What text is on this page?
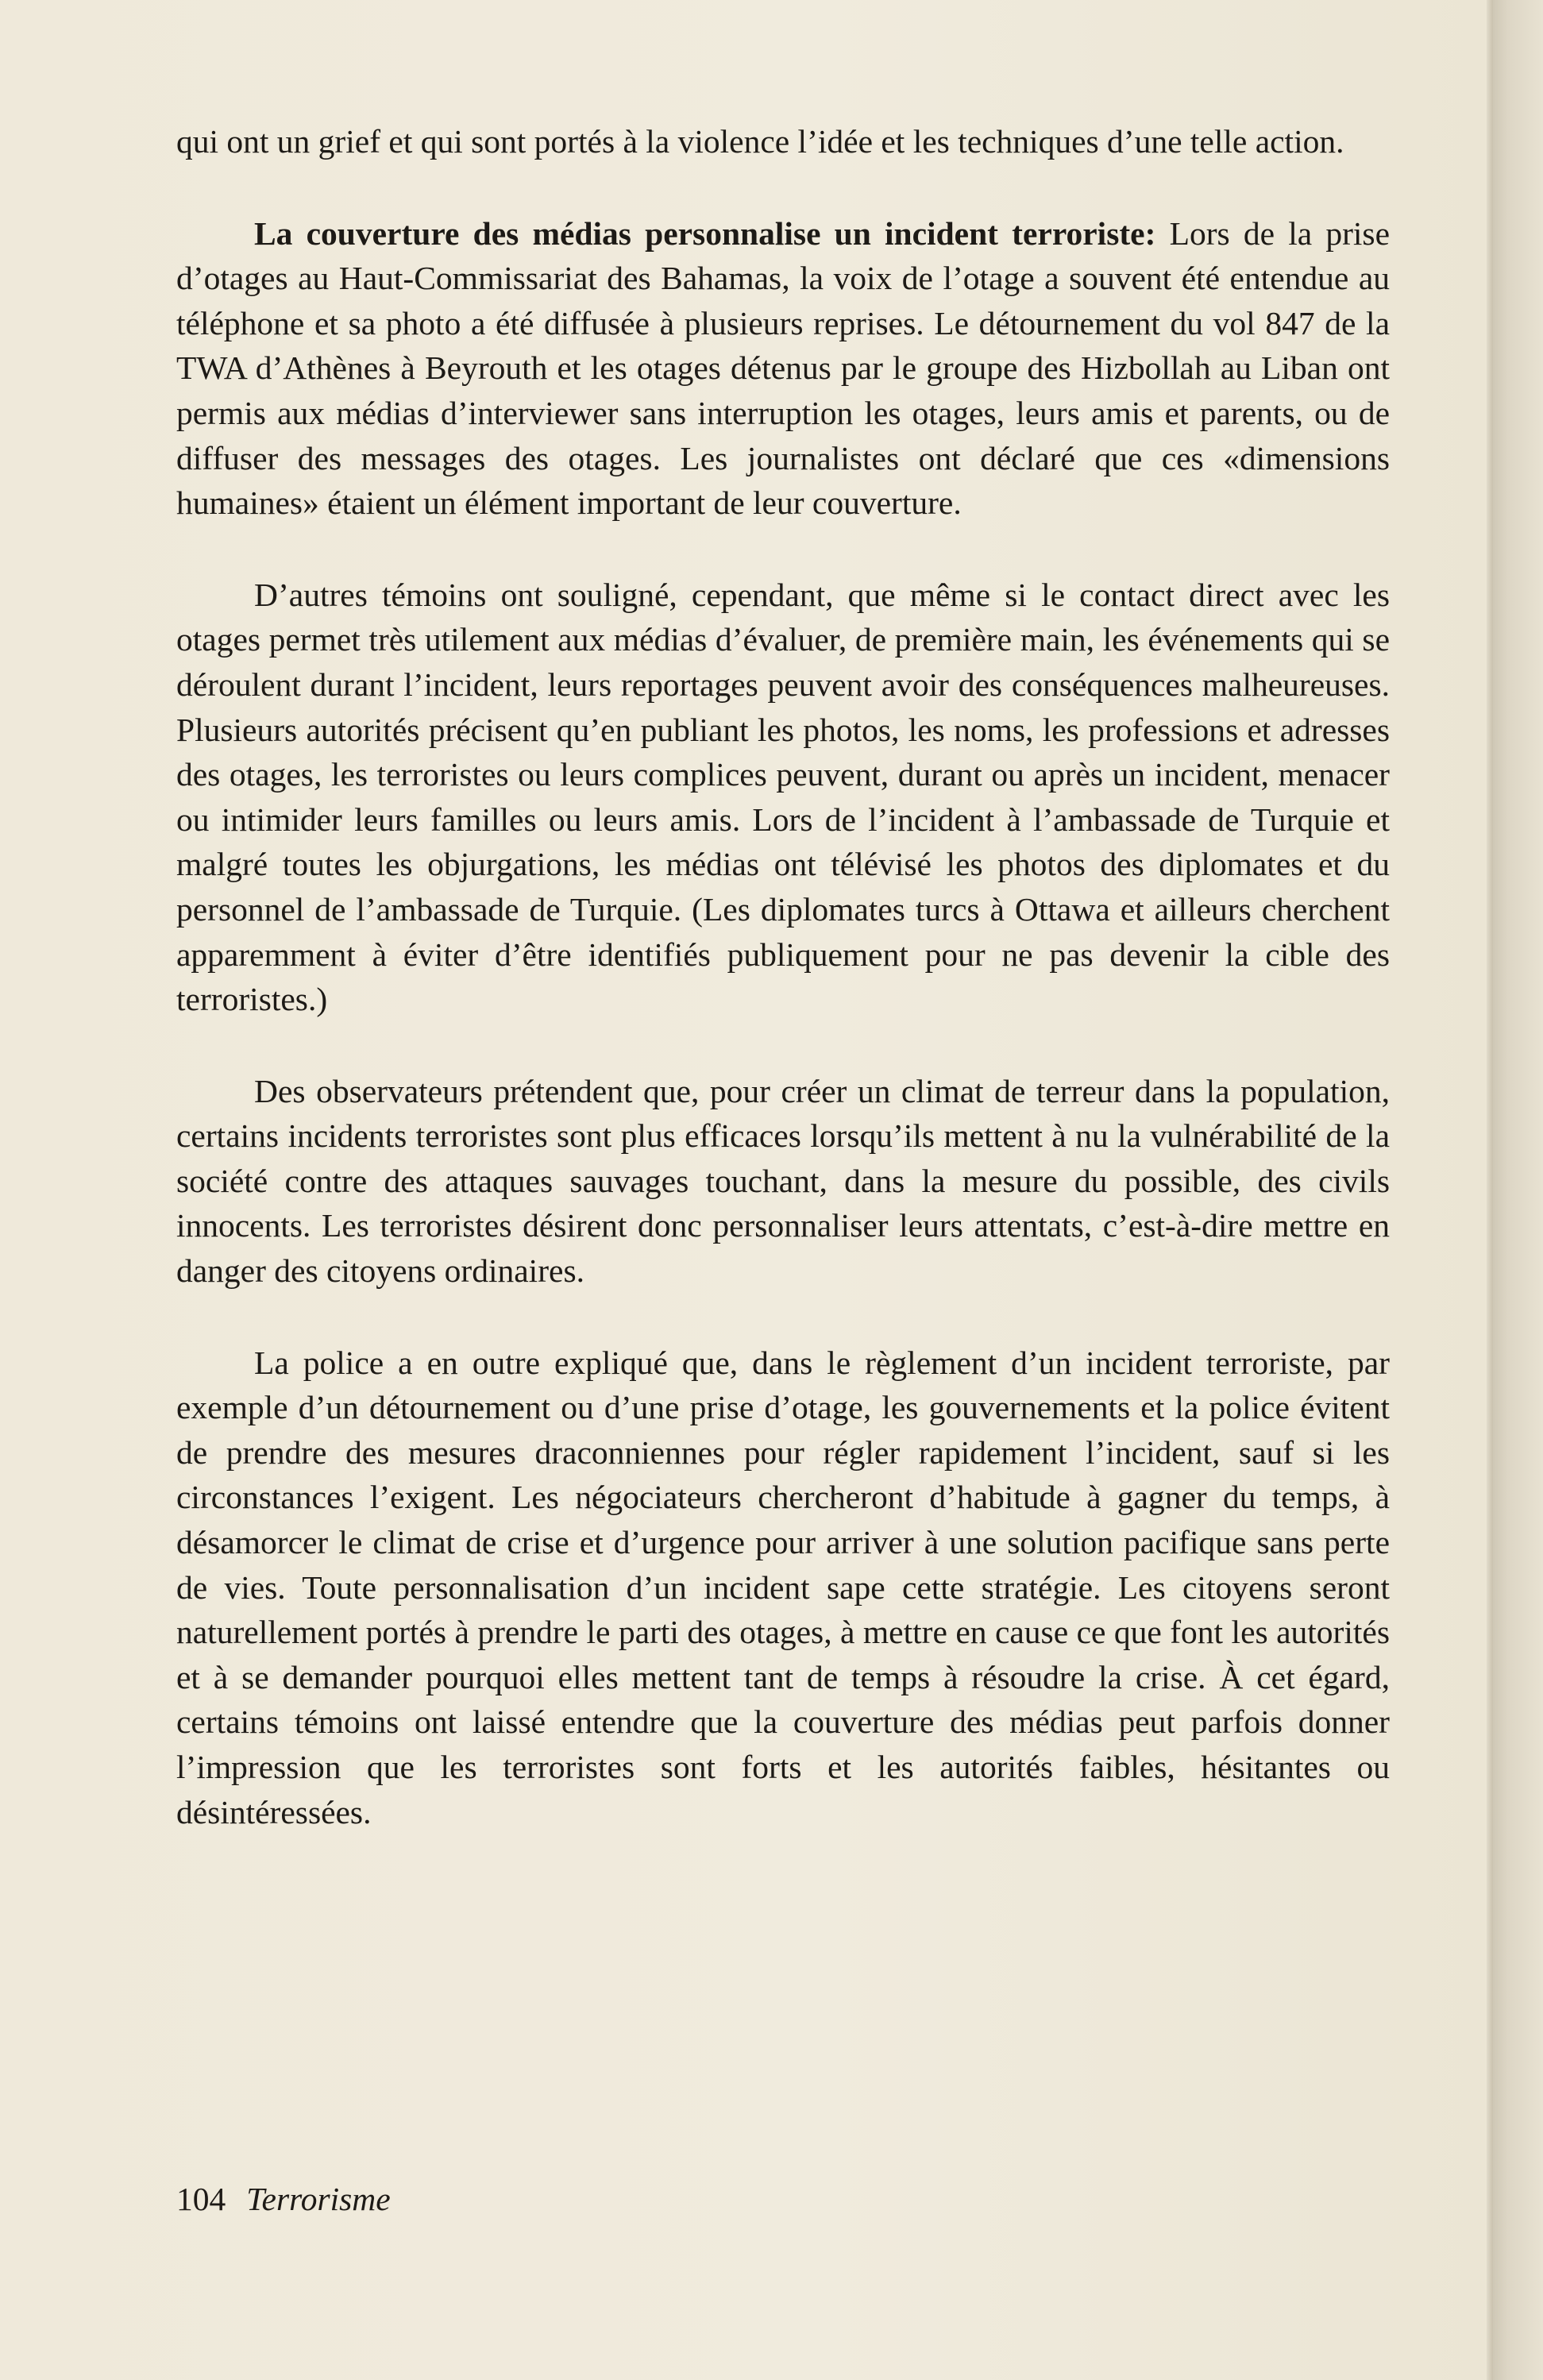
qui ont un grief et qui sont portés à la violence l’idée et les techniques d’une telle action.

La couverture des médias personnalise un incident terroriste: Lors de la prise d’otages au Haut-Commissariat des Bahamas, la voix de l’otage a souvent été entendue au téléphone et sa photo a été diffusée à plusieurs reprises. Le détournement du vol 847 de la TWA d’Athènes à Beyrouth et les otages détenus par le groupe des Hizbollah au Liban ont permis aux médias d’interviewer sans interruption les otages, leurs amis et parents, ou de diffuser des messages des otages. Les journalistes ont déclaré que ces «dimensions humaines» étaient un élément important de leur couverture.

D’autres témoins ont souligné, cependant, que même si le contact direct avec les otages permet très utilement aux médias d’évaluer, de première main, les événements qui se déroulent durant l’incident, leurs reportages peuvent avoir des conséquences malheureuses. Plusieurs autorités précisent qu’en publiant les photos, les noms, les professions et adresses des otages, les terroristes ou leurs complices peuvent, durant ou après un incident, menacer ou intimider leurs familles ou leurs amis. Lors de l’incident à l’ambassade de Turquie et malgré toutes les objurgations, les médias ont télévisé les photos des diplomates et du personnel de l’ambassade de Turquie. (Les diplomates turcs à Ottawa et ailleurs cherchent apparemment à éviter d’être identifiés publiquement pour ne pas devenir la cible des terroristes.)

Des observateurs prétendent que, pour créer un climat de terreur dans la population, certains incidents terroristes sont plus efficaces lorsqu’ils mettent à nu la vulnérabilité de la société contre des attaques sauvages touchant, dans la mesure du possible, des civils innocents. Les terroristes désirent donc personnaliser leurs attentats, c’est-à-dire mettre en danger des citoyens ordinaires.

La police a en outre expliqué que, dans le règlement d’un incident terroriste, par exemple d’un détournement ou d’une prise d’otage, les gouvernements et la police évitent de prendre des mesures draconniennes pour régler rapidement l’incident, sauf si les circonstances l’exigent. Les négociateurs chercheront d’habitude à gagner du temps, à désamorcer le climat de crise et d’urgence pour arriver à une solution pacifique sans perte de vies. Toute personnalisation d’un incident sape cette stratégie. Les citoyens seront naturellement portés à prendre le parti des otages, à mettre en cause ce que font les autorités et à se demander pourquoi elles mettent tant de temps à résoudre la crise. À cet égard, certains témoins ont laissé entendre que la couverture des médias peut parfois donner l’impression que les terroristes sont forts et les autorités faibles, hésitantes ou désintéressées.

104 Terrorisme
